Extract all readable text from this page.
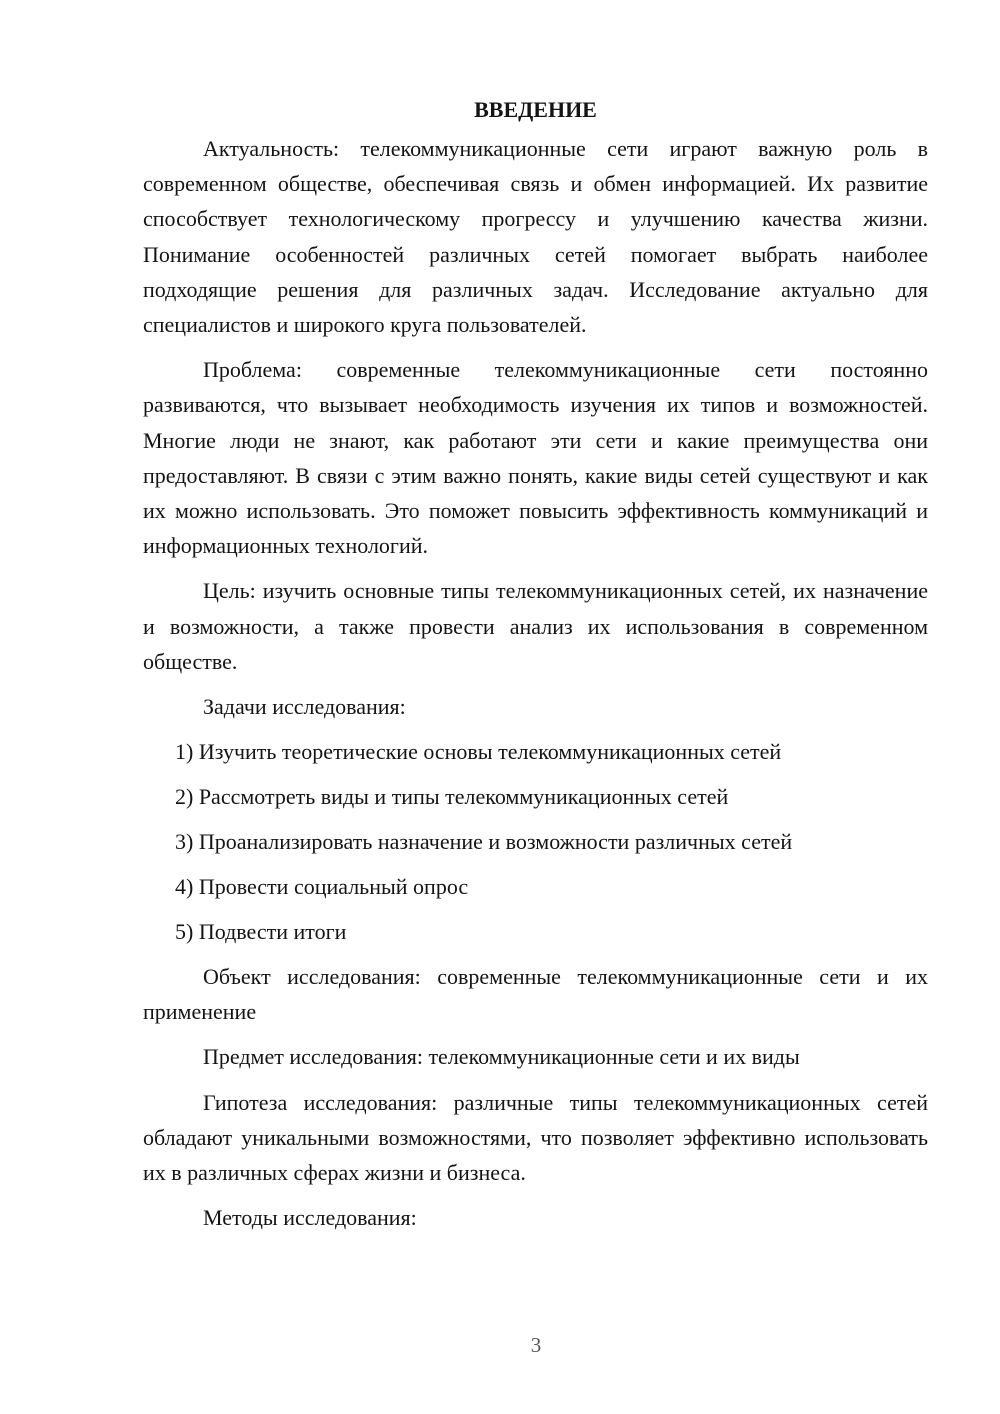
ВВЕДЕНИЕ

Актуальность: телекоммуникационные сети играют важную роль в современном обществе, обеспечивая связь и обмен информацией. Их развитие способствует технологическому прогрессу и улучшению качества жизни. Понимание особенностей различных сетей помогает выбрать наиболее подходящие решения для различных задач. Исследование актуально для специалистов и широкого круга пользователей.

Проблема: современные телекоммуникационные сети постоянно развиваются, что вызывает необходимость изучения их типов и возможностей. Многие люди не знают, как работают эти сети и какие преимущества они предоставляют. В связи с этим важно понять, какие виды сетей существуют и как их можно использовать. Это поможет повысить эффективность коммуникаций и информационных технологий.

Цель: изучить основные типы телекоммуникационных сетей, их назначение и возможности, а также провести анализ их использования в современном обществе.

Задачи исследования:
1) Изучить теоретические основы телекоммуникационных сетей
2) Рассмотреть виды и типы телекоммуникационных сетей
3) Проанализировать назначение и возможности различных сетей
4) Провести социальный опрос
5) Подвести итоги

Объект исследования: современные телекоммуникационные сети и их применение

Предмет исследования: телекоммуникационные сети и их виды

Гипотеза исследования: различные типы телекоммуникационных сетей обладают уникальными возможностями, что позволяет эффективно использовать их в различных сферах жизни и бизнеса.

Методы исследования:

3
